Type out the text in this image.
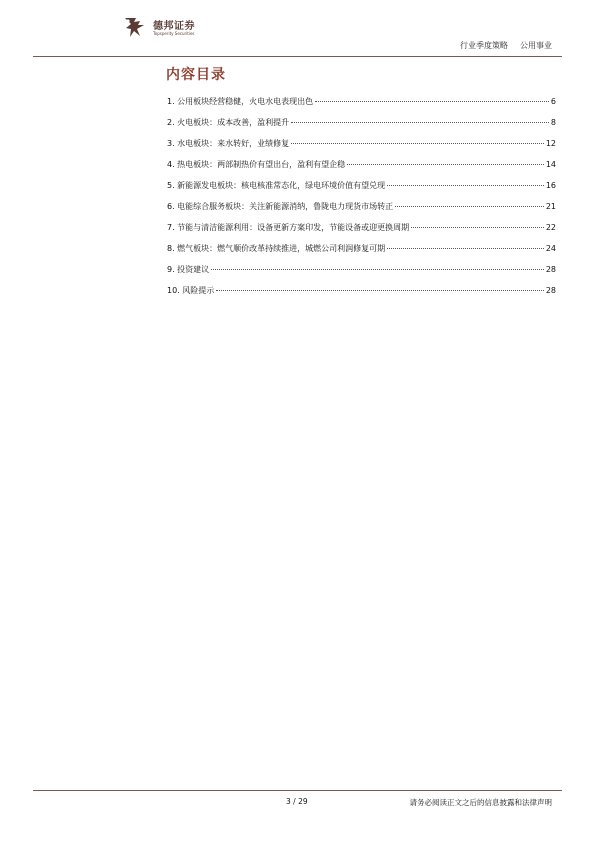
德邦证券
Topsperity Securities
行业季度策略 公用事业
内容目录
1. 公用板块经营稳健，火电水电表现出色	6
2. 火电板块：成本改善，盈利提升	8
3. 水电板块：来水转好，业绩修复	12
4. 热电板块：两部制热价有望出台，盈利有望企稳	14
5. 新能源发电板块：核电核准常态化，绿电环境价值有望兑现	16
6. 电能综合服务板块：关注新能源消纳，鲁陇电力现货市场转正	21
7. 节能与清洁能源利用：设备更新方案印发，节能设备或迎更换周期	22
8. 燃气板块：燃气顺价改革持续推进，城燃公司利润修复可期	24
9. 投资建议	28
10. 风险提示	28
3 / 29	请务必阅读正文之后的信息披露和法律声明
